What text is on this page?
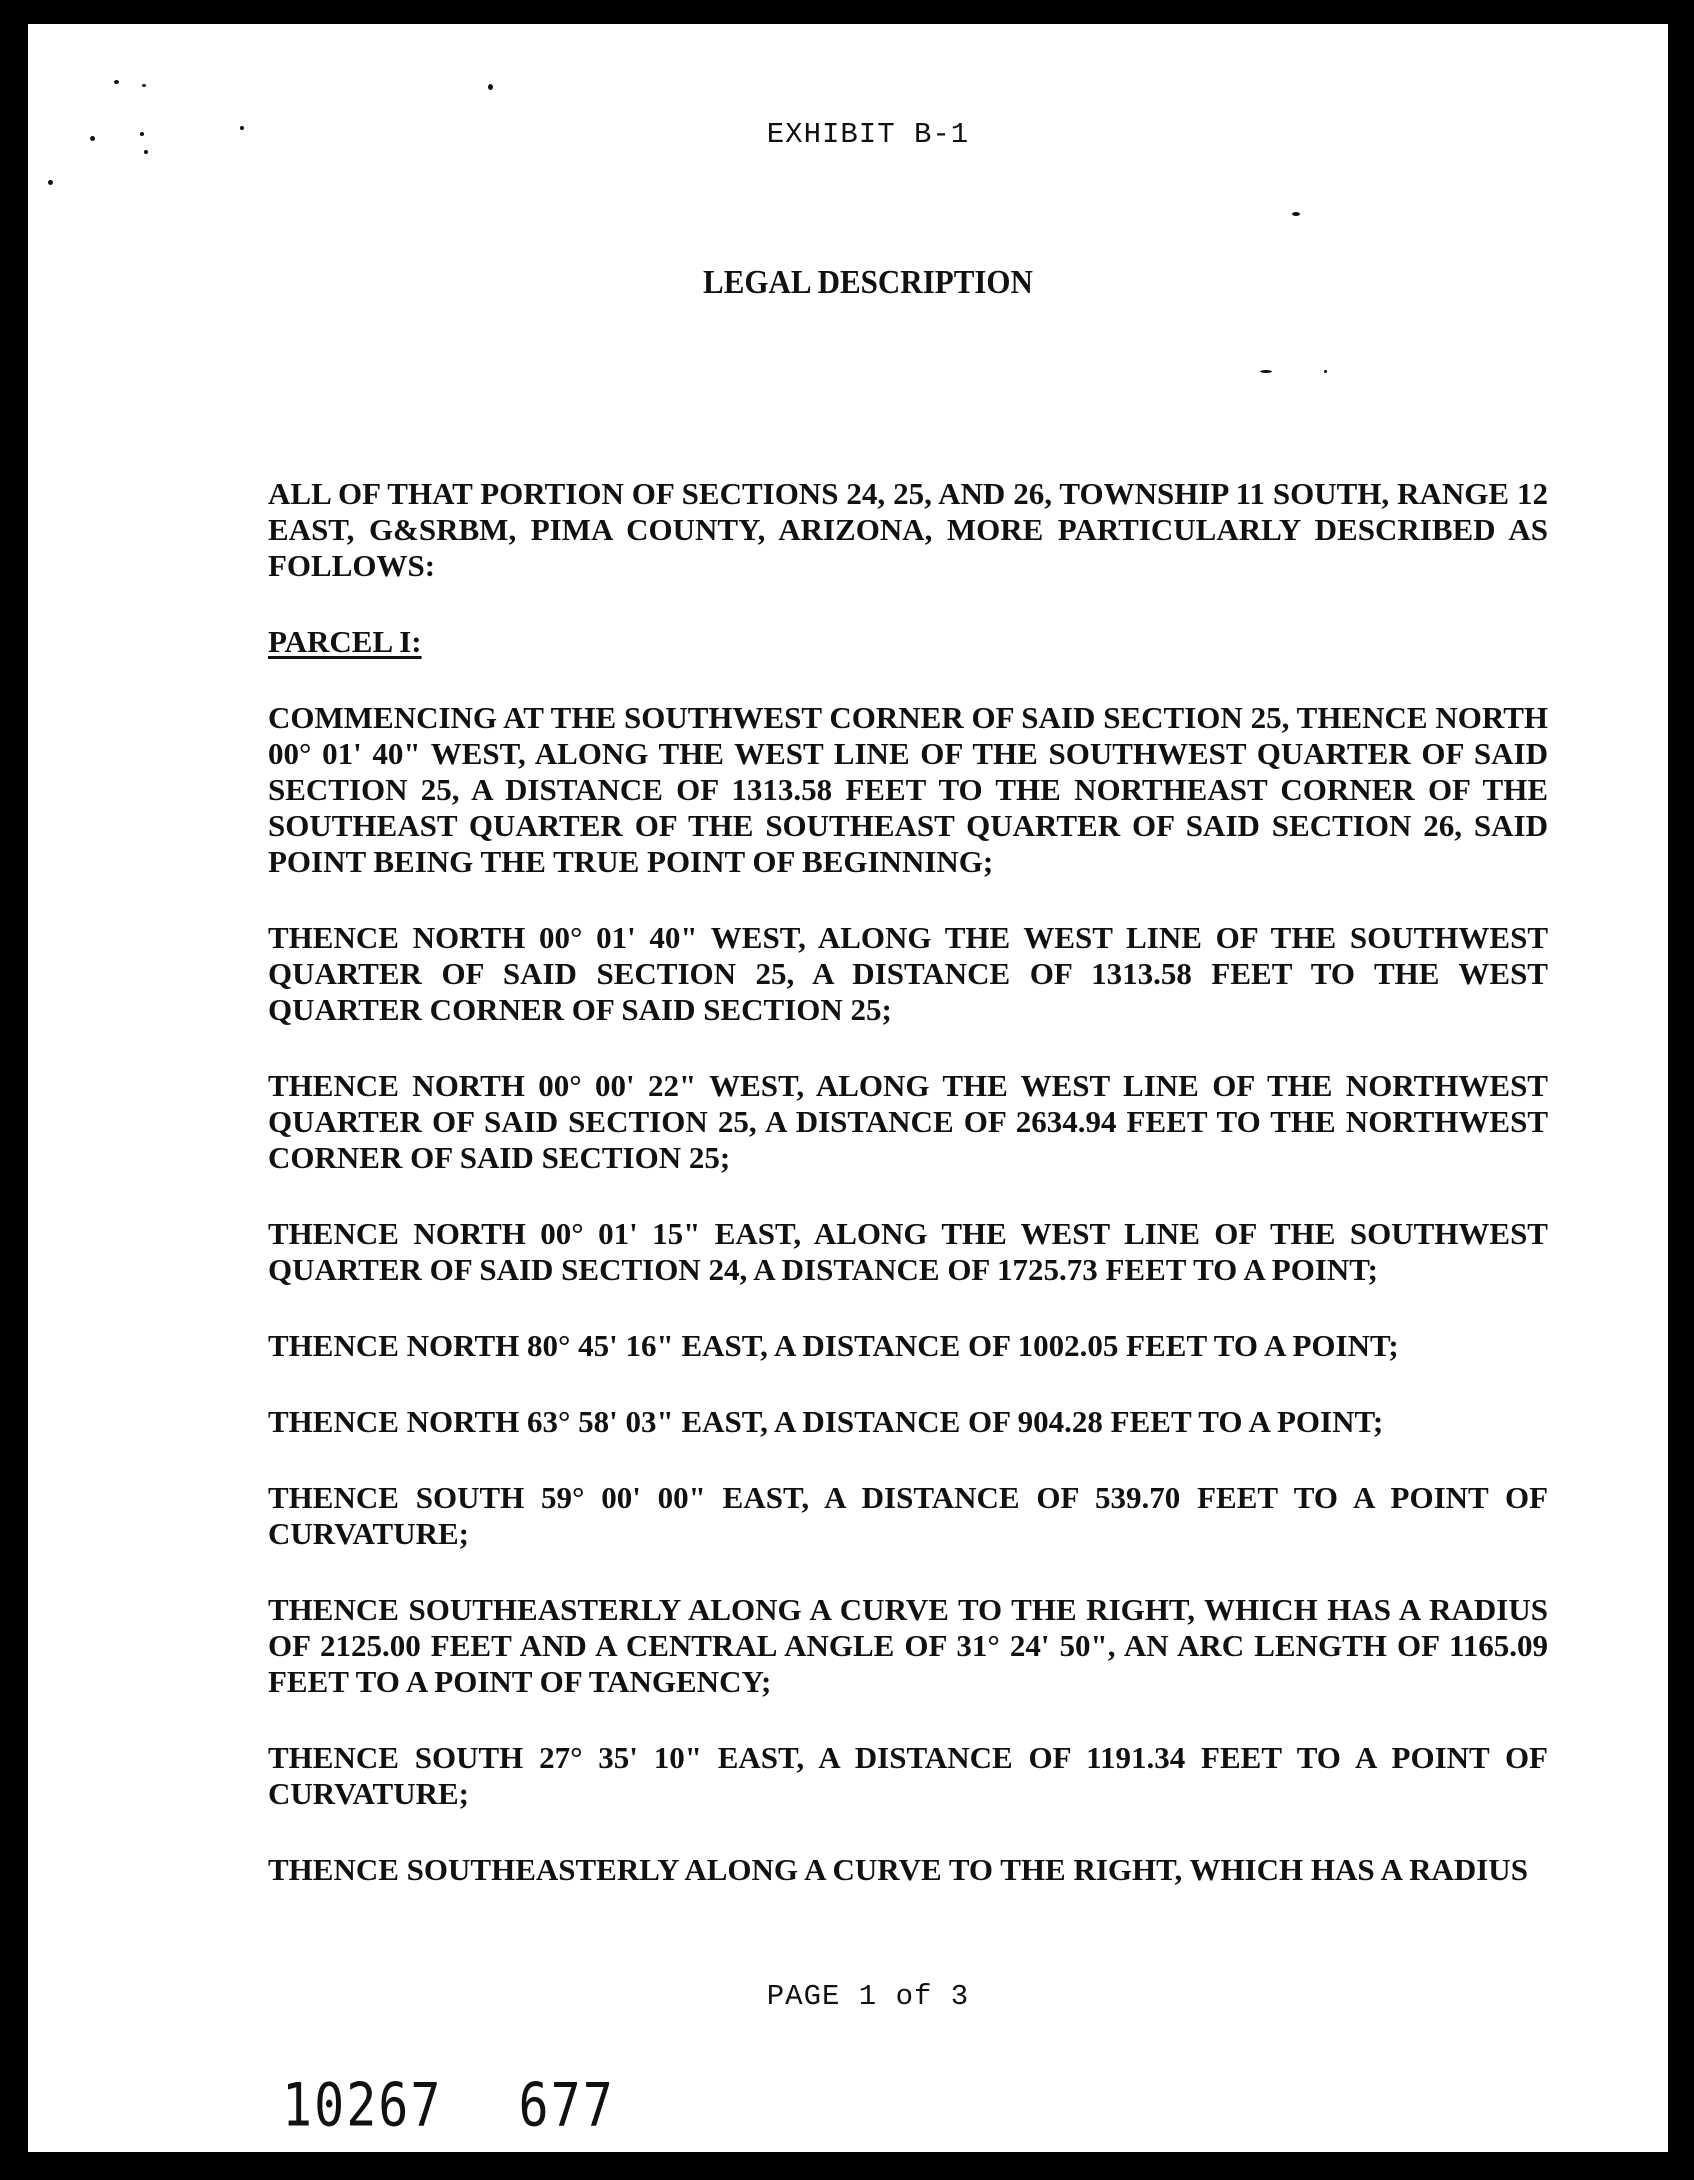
EXHIBIT B-1
LEGAL DESCRIPTION

ALL OF THAT PORTION OF SECTIONS 24, 25, AND 26, TOWNSHIP 11 SOUTH, RANGE 12 EAST, G&SRBM, PIMA COUNTY, ARIZONA, MORE PARTICULARLY DESCRIBED AS FOLLOWS:

PARCEL I:

COMMENCING AT THE SOUTHWEST CORNER OF SAID SECTION 25, THENCE NORTH 00° 01' 40" WEST, ALONG THE WEST LINE OF THE SOUTHWEST QUARTER OF SAID SECTION 25, A DISTANCE OF 1313.58 FEET TO THE NORTHEAST CORNER OF THE SOUTHEAST QUARTER OF THE SOUTHEAST QUARTER OF SAID SECTION 26, SAID POINT BEING THE TRUE POINT OF BEGINNING;

THENCE NORTH 00° 01' 40" WEST, ALONG THE WEST LINE OF THE SOUTHWEST QUARTER OF SAID SECTION 25, A DISTANCE OF 1313.58 FEET TO THE WEST QUARTER CORNER OF SAID SECTION 25;

THENCE NORTH 00° 00' 22" WEST, ALONG THE WEST LINE OF THE NORTHWEST QUARTER OF SAID SECTION 25, A DISTANCE OF 2634.94 FEET TO THE NORTHWEST CORNER OF SAID SECTION 25;

THENCE NORTH 00° 01' 15" EAST, ALONG THE WEST LINE OF THE SOUTHWEST QUARTER OF SAID SECTION 24, A DISTANCE OF 1725.73 FEET TO A POINT;

THENCE NORTH 80° 45' 16" EAST, A DISTANCE OF 1002.05 FEET TO A POINT;

THENCE NORTH 63° 58' 03" EAST, A DISTANCE OF 904.28 FEET TO A POINT;

THENCE SOUTH 59° 00' 00" EAST, A DISTANCE OF 539.70 FEET TO A POINT OF CURVATURE;

THENCE SOUTHEASTERLY ALONG A CURVE TO THE RIGHT, WHICH HAS A RADIUS OF 2125.00 FEET AND A CENTRAL ANGLE OF 31° 24' 50", AN ARC LENGTH OF 1165.09 FEET TO A POINT OF TANGENCY;

THENCE SOUTH 27° 35' 10" EAST, A DISTANCE OF 1191.34 FEET TO A POINT OF CURVATURE;

THENCE SOUTHEASTERLY ALONG A CURVE TO THE RIGHT, WHICH HAS A RADIUS

PAGE 1 of 3
10267 677
